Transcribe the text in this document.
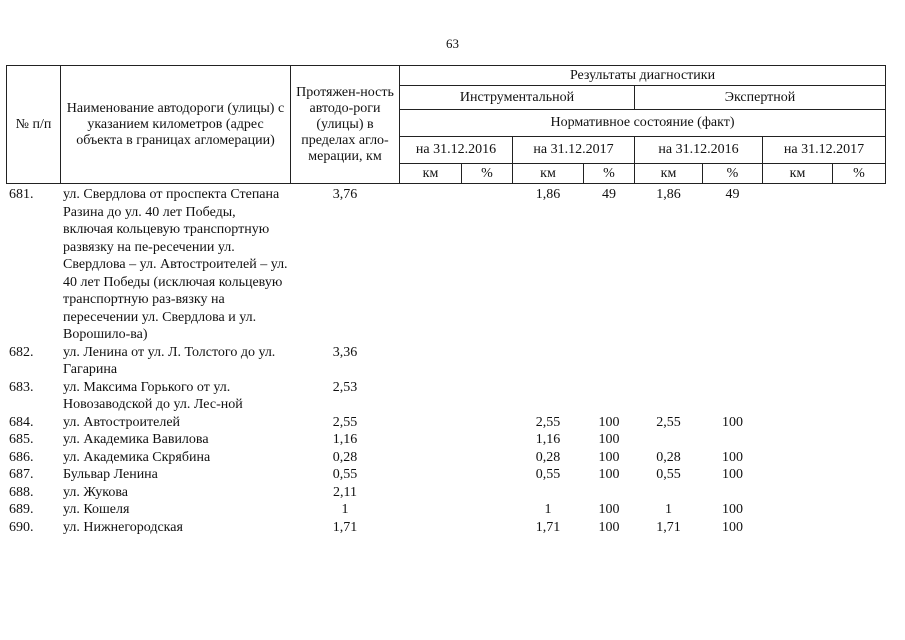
63
№ п/п	Наименование автодороги (улицы) с указанием километров (адрес объекта в границах агломерации)	Протяжен-ность автодо-роги (улицы) в пределах агло-мерации, км	Результаты диагностики							
			Инструментальной				Экспертной			
			Нормативное состояние (факт)							
			на 31.12.2016		на 31.12.2017		на 31.12.2016		на 31.12.2017	
			км	%	км	%	км	%	км	%
681.	ул. Свердлова от проспекта Степана Разина до ул. 40 лет Победы, включая кольцевую транспортную развязку на пе-ресечении ул. Свердлова – ул. Автостроителей – ул. 40 лет Победы (исключая кольцевую транспортную раз-вязку на пересечении ул. Свердлова и ул. Ворошило-ва)	3,76			1,86	49	1,86	49		
682.	ул. Ленина от ул. Л. Толстого до ул. Гагарина	3,36								
683.	ул. Максима Горького от ул. Новозаводской до ул. Лес-ной	2,53								
684.	ул. Автостроителей	2,55			2,55	100	2,55	100		
685.	ул. Академика Вавилова	1,16			1,16	100				
686.	ул. Академика Скрябина	0,28			0,28	100	0,28	100		
687.	Бульвар Ленина	0,55			0,55	100	0,55	100		
688.	ул. Жукова	2,11								
689.	ул. Кошеля	1			1	100	1	100		
690.	ул. Нижнегородская	1,71			1,71	100	1,71	100		
